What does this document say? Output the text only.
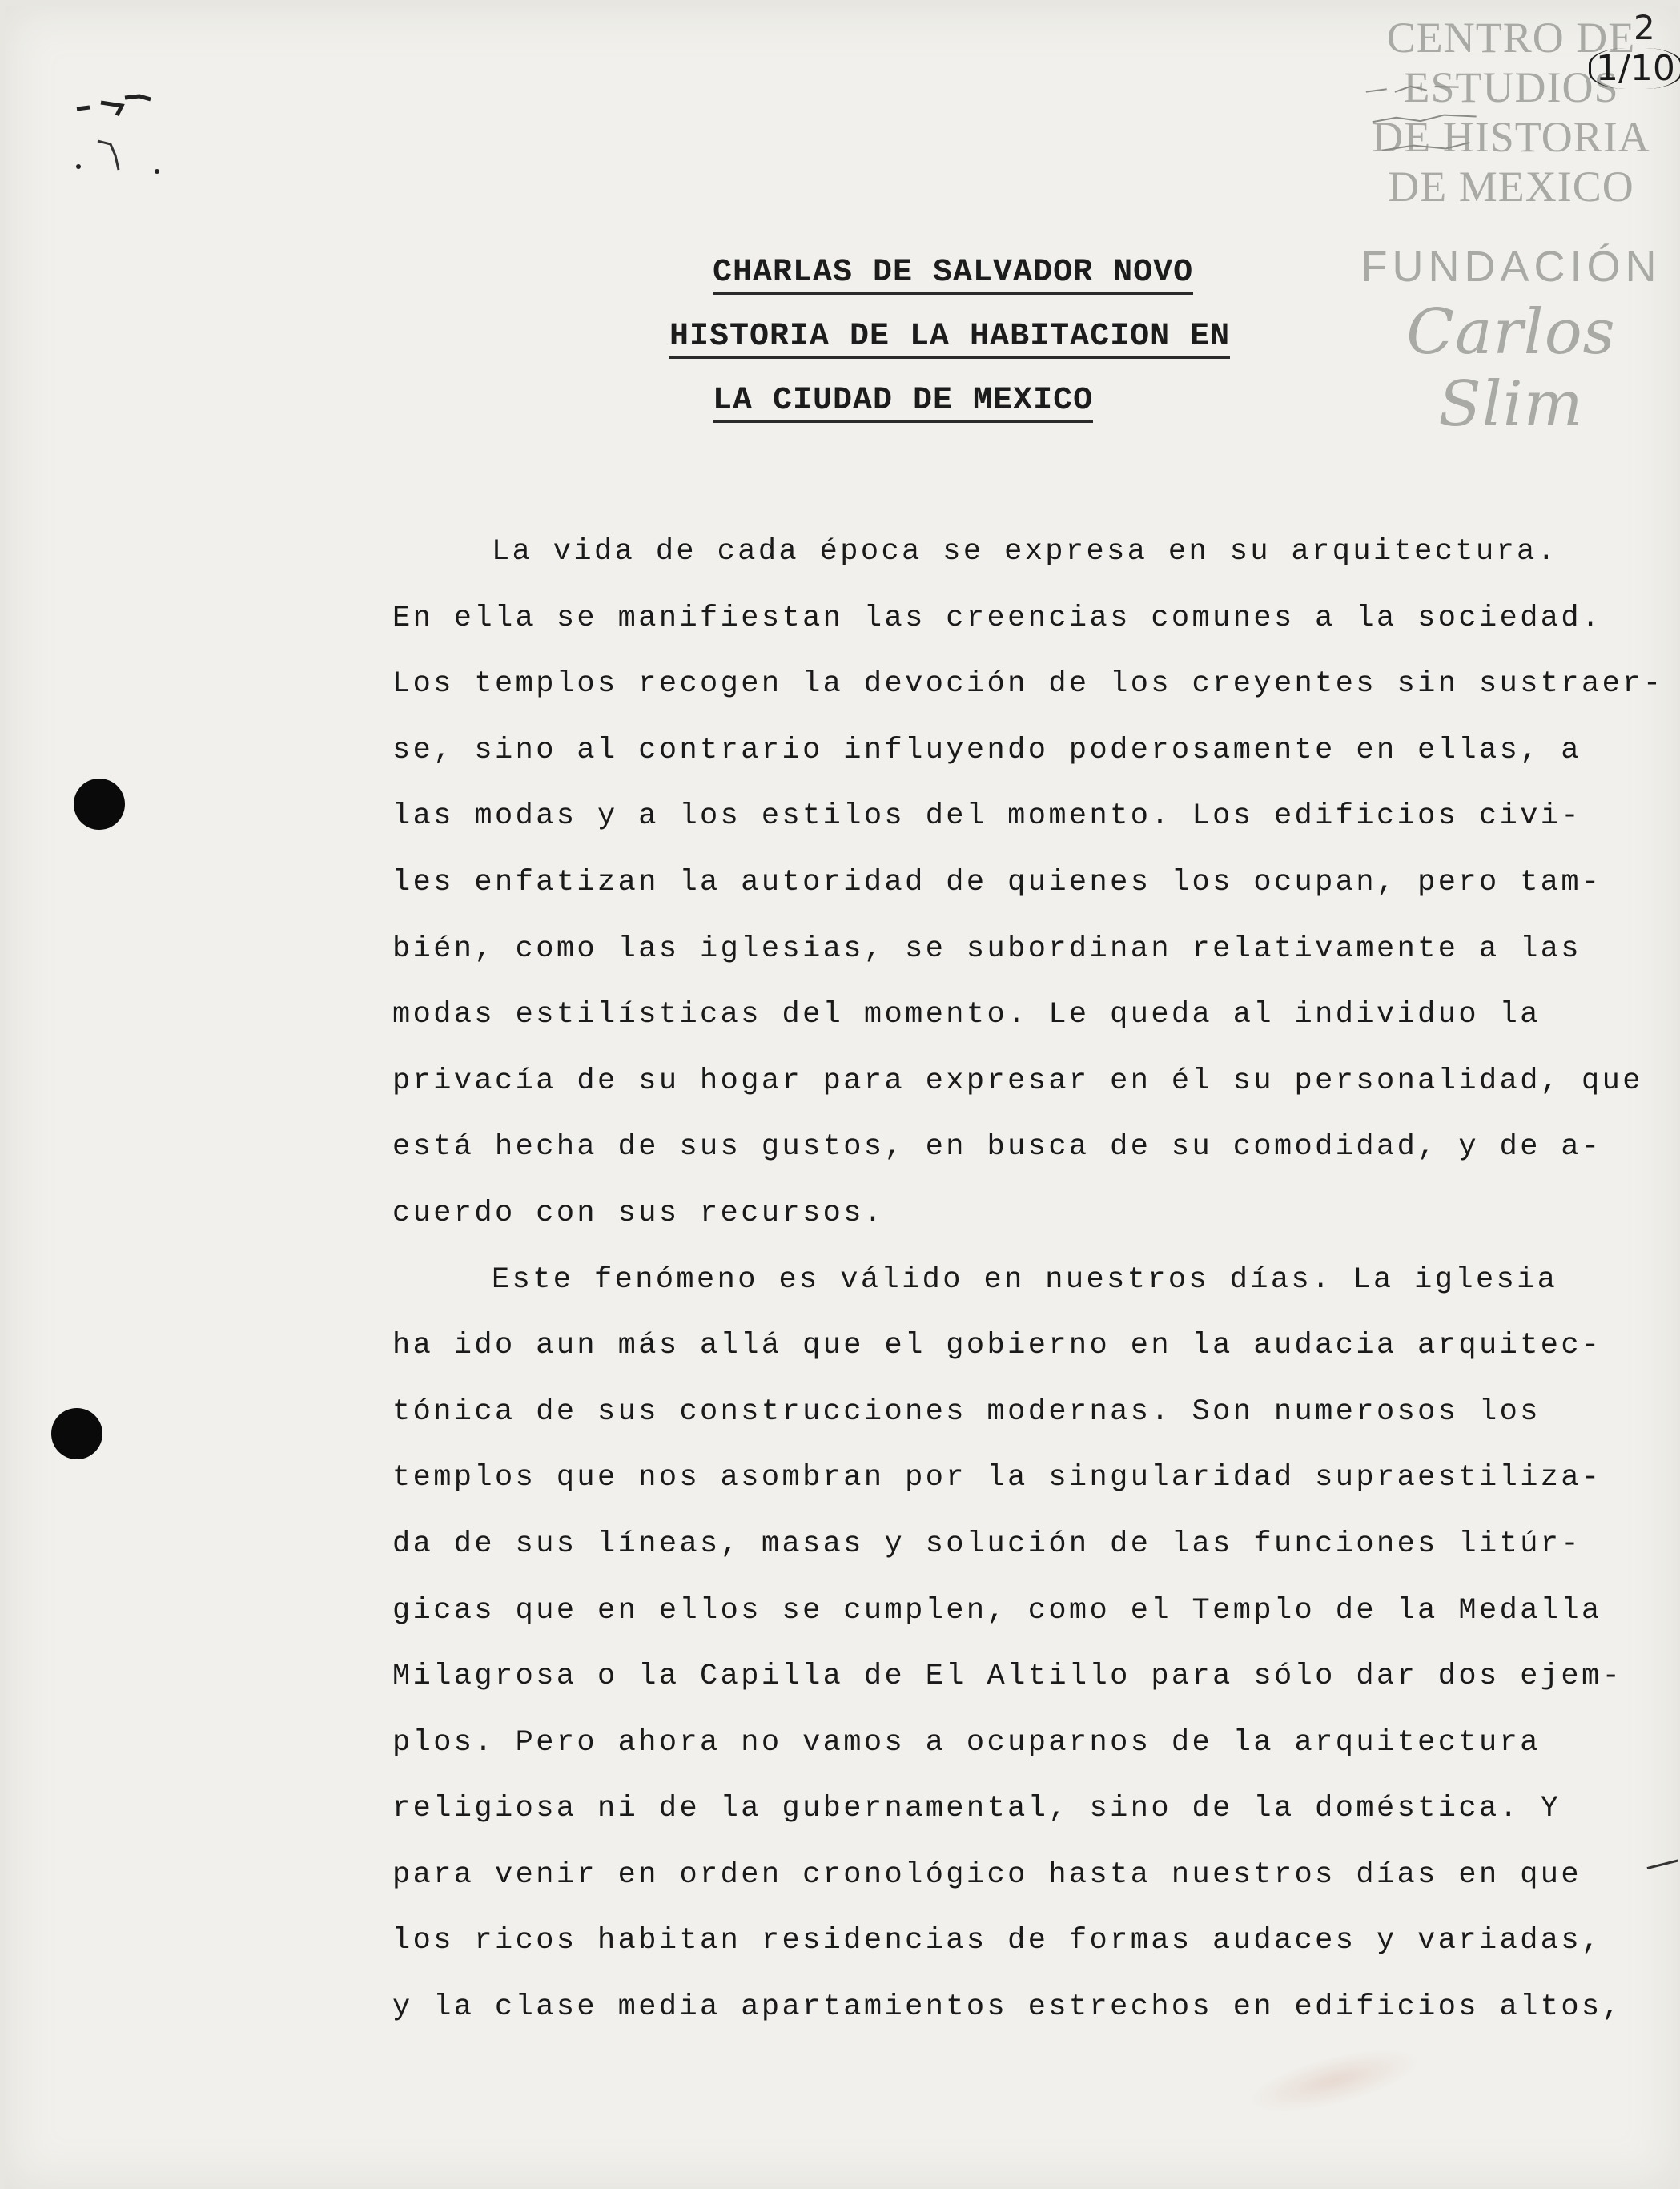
CENTRO DE
ESTUDIOS
DE HISTORIA
DE MEXICO
FUNDACIÓN
Carlos Slim
2
1/10
CHARLAS DE SALVADOR NOVO
HISTORIA DE LA HABITACION EN
LA CIUDAD DE MEXICO
La vida de cada época se expresa en su arquitectura.
En ella se manifiestan las creencias comunes a la sociedad.
Los templos recogen la devoción de los creyentes sin sustraer-
se, sino al contrario influyendo poderosamente en ellas, a
las modas y a los estilos del momento. Los edificios civi-
les enfatizan la autoridad de quienes los ocupan, pero tam-
bién, como las iglesias, se subordinan relativamente a las
modas estilísticas del momento. Le queda al individuo la
privacía de su hogar para expresar en él su personalidad, que
está hecha de sus gustos, en busca de su comodidad, y de a-
cuerdo con sus recursos.
Este fenómeno es válido en nuestros días. La iglesia
ha ido aun más allá que el gobierno en la audacia arquitec-
tónica de sus construcciones modernas. Son numerosos los
templos que nos asombran por la singularidad supraestiliza-
da de sus líneas, masas y solución de las funciones litúr-
gicas que en ellos se cumplen, como el Templo de la Medalla
Milagrosa o la Capilla de El Altillo para sólo dar dos ejem-
plos. Pero ahora no vamos a ocuparnos de la arquitectura
religiosa ni de la gubernamental, sino de la doméstica. Y
para venir en orden cronológico hasta nuestros días en que
los ricos habitan residencias de formas audaces y variadas,
y la clase media apartamientos estrechos en edificios altos,
